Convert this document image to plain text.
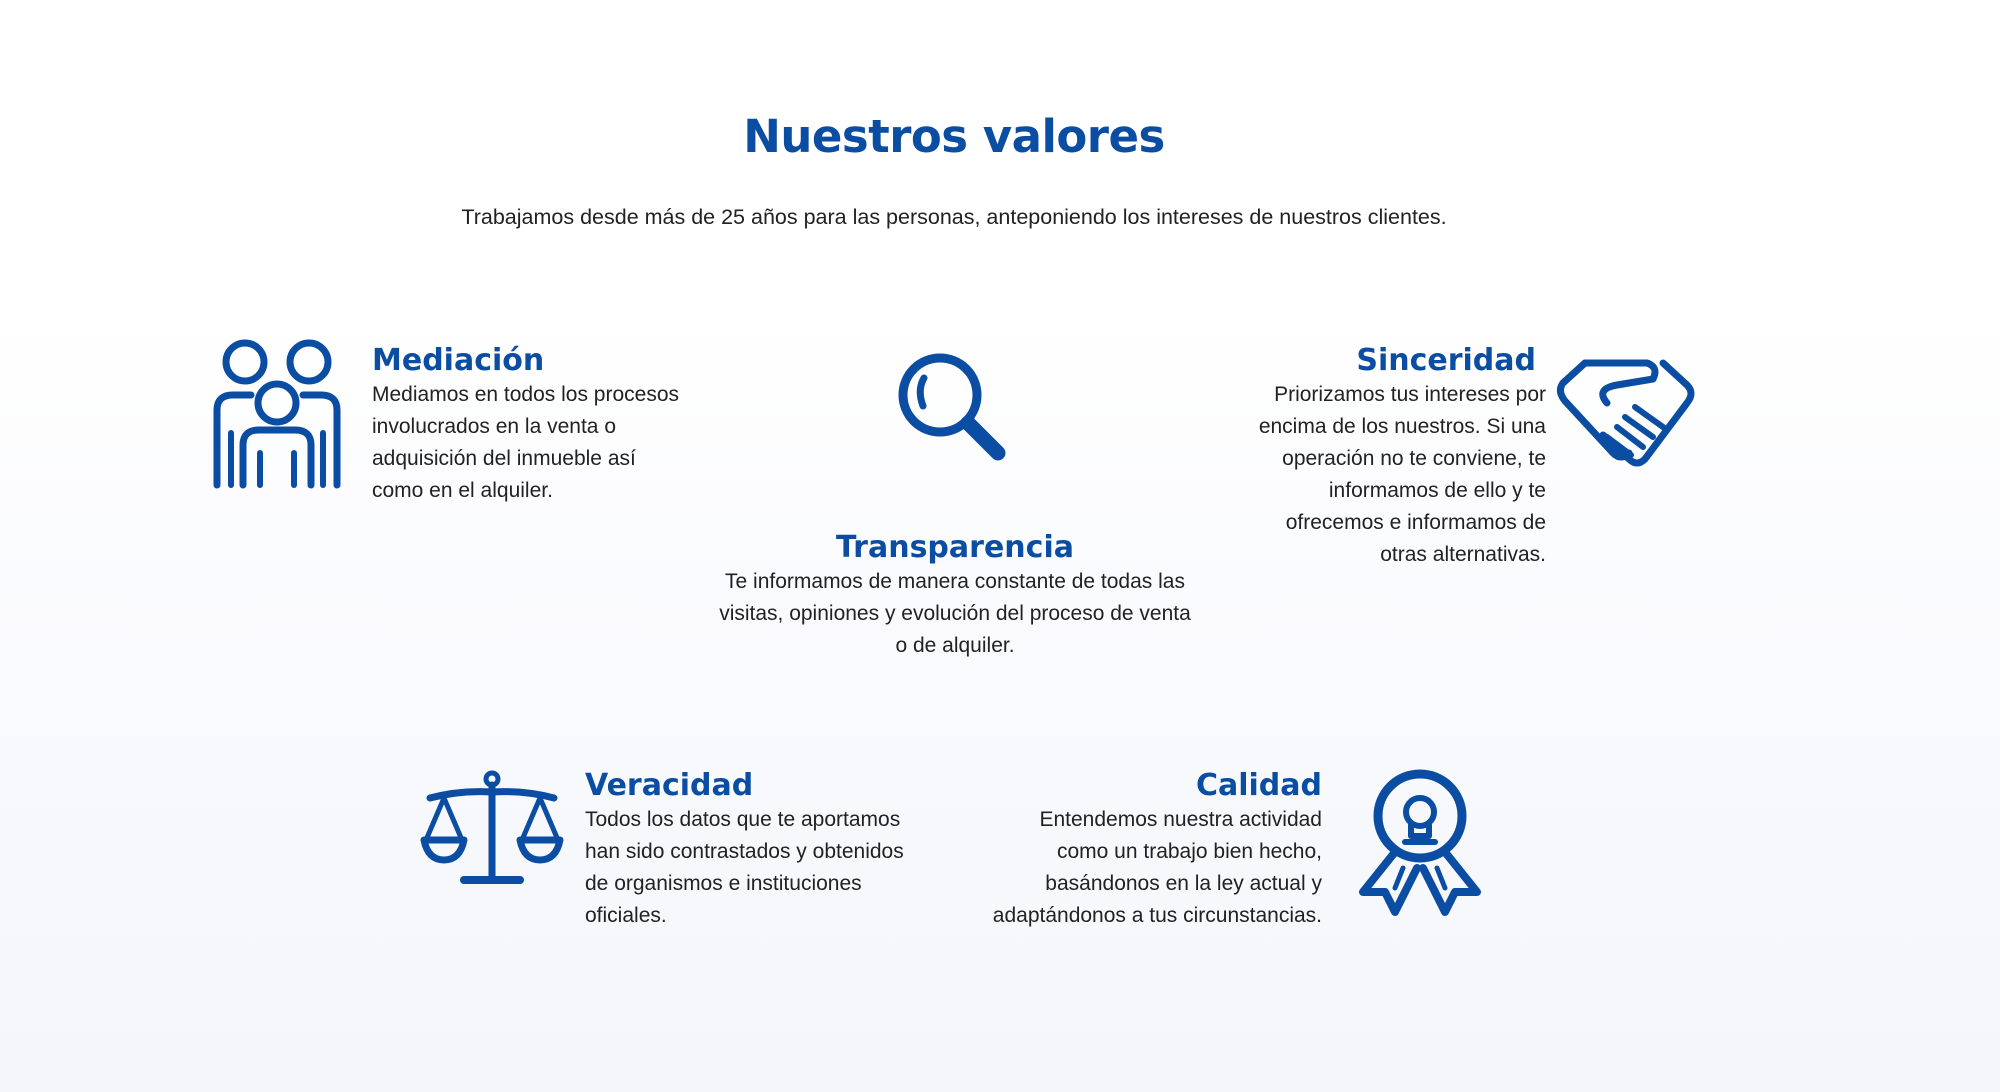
Nuestros valores

Trabajamos desde más de 25 años para las personas, anteponiendo los intereses de nuestros clientes.

Mediación
Mediamos en todos los procesos involucrados en la venta o adquisición del inmueble así como en el alquiler.
Transparencia
Te informamos de manera constante de todas las visitas, opiniones y evolución del proceso de venta o de alquiler.
Sinceridad
Priorizamos tus intereses por encima de los nuestros. Si una operación no te conviene, te informamos de ello y te ofrecemos e informamos de otras alternativas.
Veracidad
Todos los datos que te aportamos han sido contrastados y obtenidos de organismos e instituciones oficiales.
Calidad
Entendemos nuestra actividad como un trabajo bien hecho, basándonos en la ley actual y adaptándonos a tus circunstancias.
